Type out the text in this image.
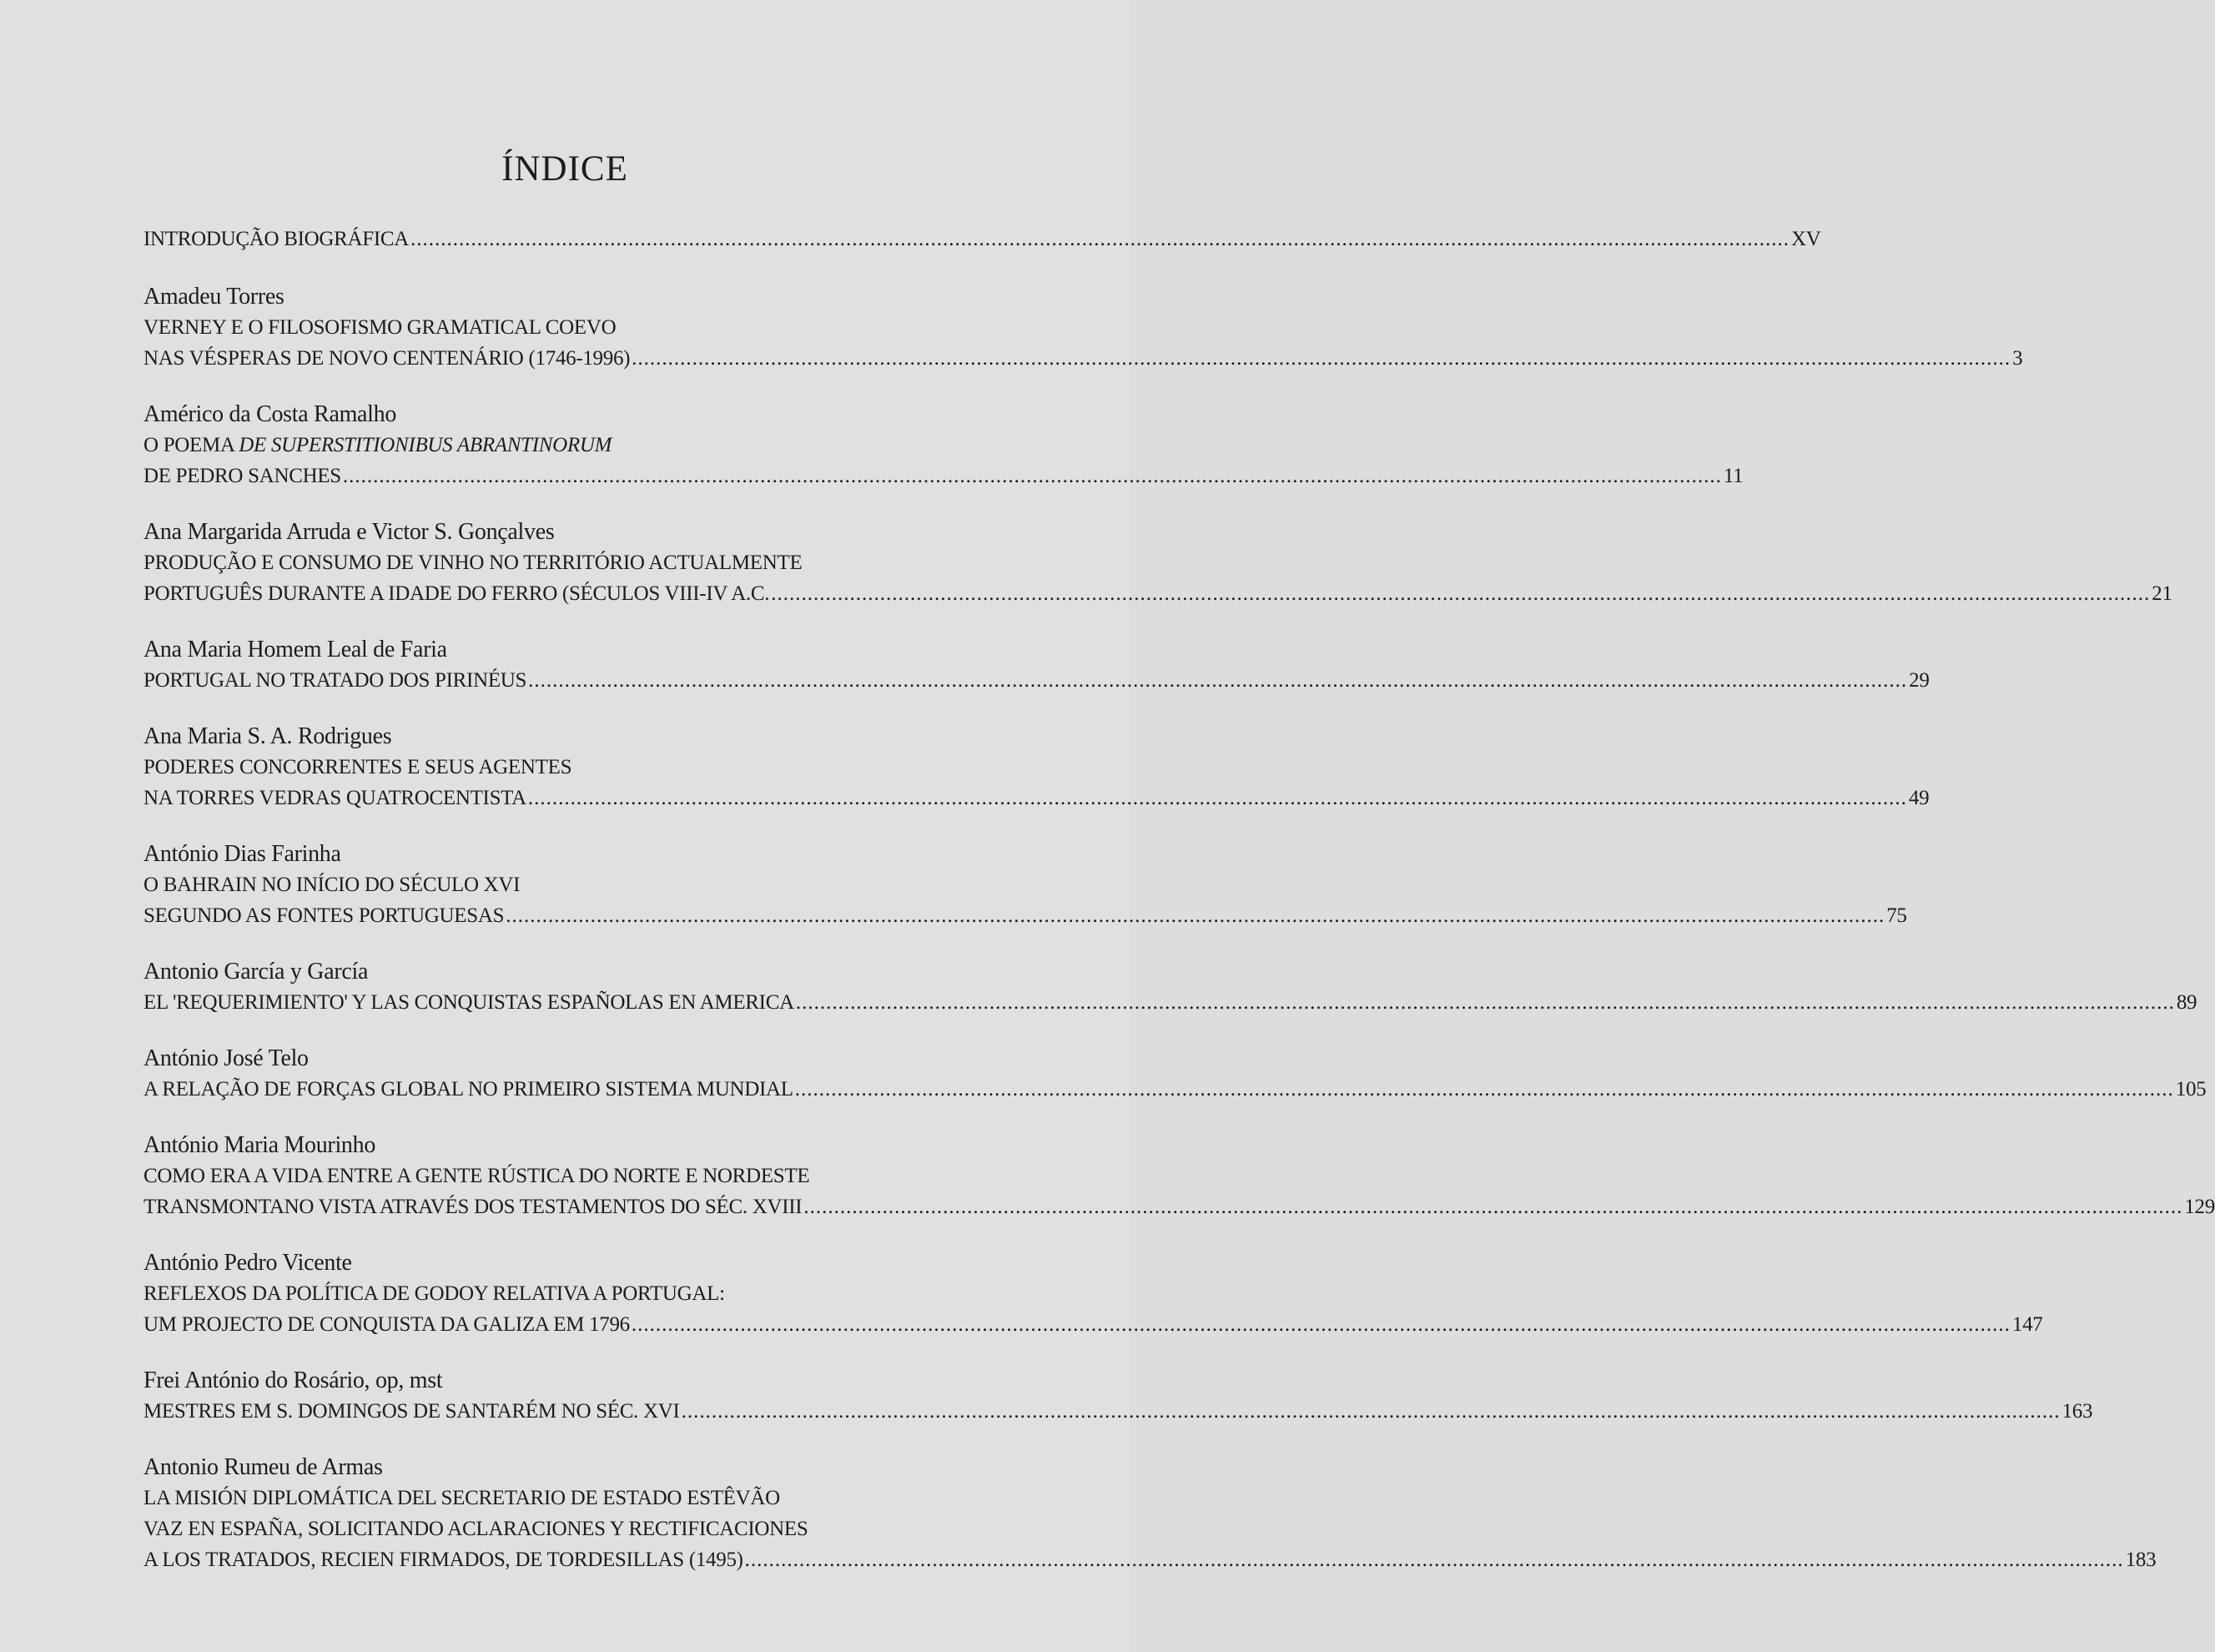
ÍNDICE
INTRODUÇÃO BIOGRÁFICA .....	XV
Amadeu Torres
VERNEY E O FILOSOFISMO GRAMATICAL COEVO
NAS VÉSPERAS DE NOVO CENTENÁRIO (1746-1996) .....	3
Américo da Costa Ramalho
O POEMA DE SUPERSTITIONIBUS ABRANTINORUM
DE PEDRO SANCHES .....	11
Ana Margarida Arruda e Victor S. Gonçalves
PRODUÇÃO E CONSUMO DE VINHO NO TERRITÓRIO ACTUALMENTE
PORTUGUÊS DURANTE A IDADE DO FERRO (SÉCULOS VIII-IV A.C. .....	21
Ana Maria Homem Leal de Faria
PORTUGAL NO TRATADO DOS PIRINÉUS .....	29
Ana Maria S. A. Rodrigues
PODERES CONCORRENTES E SEUS AGENTES
NA TORRES VEDRAS QUATROCENTISTA .....	49
António Dias Farinha
O BAHRAIN NO INÍCIO DO SÉCULO XVI
SEGUNDO AS FONTES PORTUGUESAS .....	75
Antonio García y García
EL 'REQUERIMIENTO' Y LAS CONQUISTAS ESPAÑOLAS EN AMERICA .....	89
António José Telo
A RELAÇÃO DE FORÇAS GLOBAL NO PRIMEIRO SISTEMA MUNDIAL .....	105
António Maria Mourinho
COMO ERA A VIDA ENTRE A GENTE RÚSTICA DO NORTE E NORDESTE
TRANSMONTANO VISTA ATRAVÉS DOS TESTAMENTOS DO SÉC. XVIII .....	129
António Pedro Vicente
REFLEXOS DA POLÍTICA DE GODOY RELATIVA A PORTUGAL:
UM PROJECTO DE CONQUISTA DA GALIZA EM 1796 .....	147
Frei António do Rosário, op, mst
MESTRES EM S. DOMINGOS DE SANTARÉM NO SÉC. XVI .....	163
Antonio Rumeu de Armas
LA MISIÓN DIPLOMÁTICA DEL SECRETARIO DE ESTADO ESTÊVÃO
VAZ EN ESPAÑA, SOLICITANDO ACLARACIONES Y RECTIFICACIONES
A LOS TRATADOS, RECIEN FIRMADOS, DE TORDESILLAS (1495) .....	183
